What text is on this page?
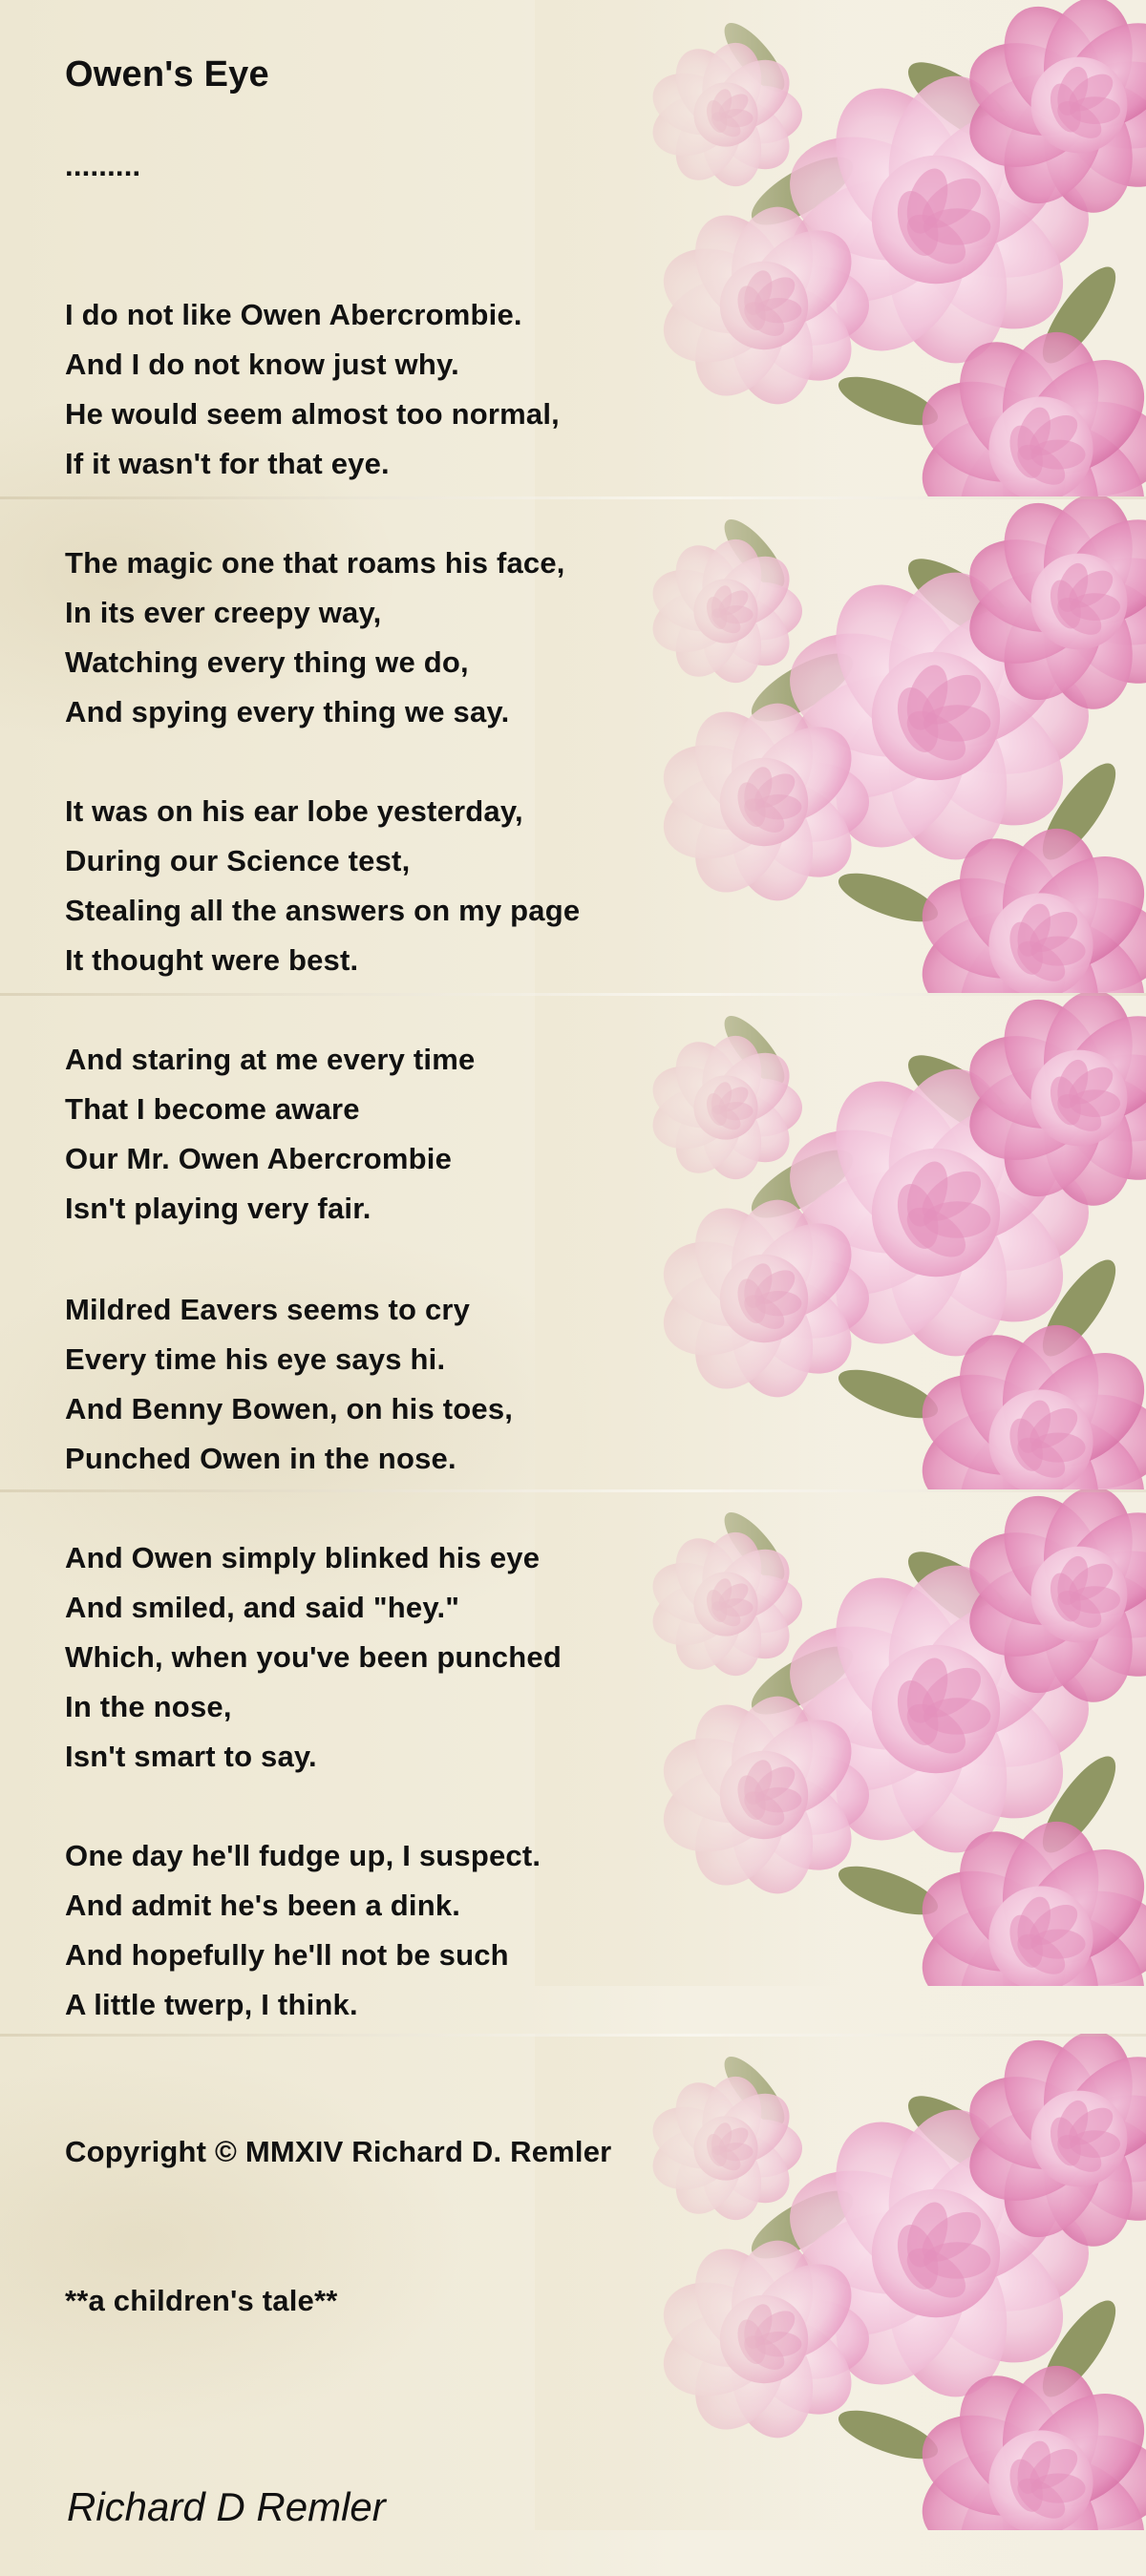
Owen's Eye
.........
I do not like Owen Abercrombie.
And I do not know just why.
He would seem almost too normal,
If it wasn't for that eye.
The magic one that roams his face,
In its ever creepy way,
Watching every thing we do,
And spying every thing we say.
It was on his ear lobe yesterday,
During our Science test,
Stealing all the answers on my page
It thought were best.
And staring at me every time
That I become aware
Our Mr. Owen Abercrombie
Isn't playing very fair.
Mildred Eavers seems to cry
Every time his eye says hi.
And Benny Bowen, on his toes,
Punched Owen in the nose.
And Owen simply blinked his eye
And smiled, and said "hey."
Which, when you've been punched
In the nose,
Isn't smart to say.
One day he'll fudge up, I suspect.
And admit he's been a dink.
And hopefully he'll not be such
A little twerp, I think.
Copyright © MMXIV Richard D. Remler
**a children's tale**
Richard D Remler
